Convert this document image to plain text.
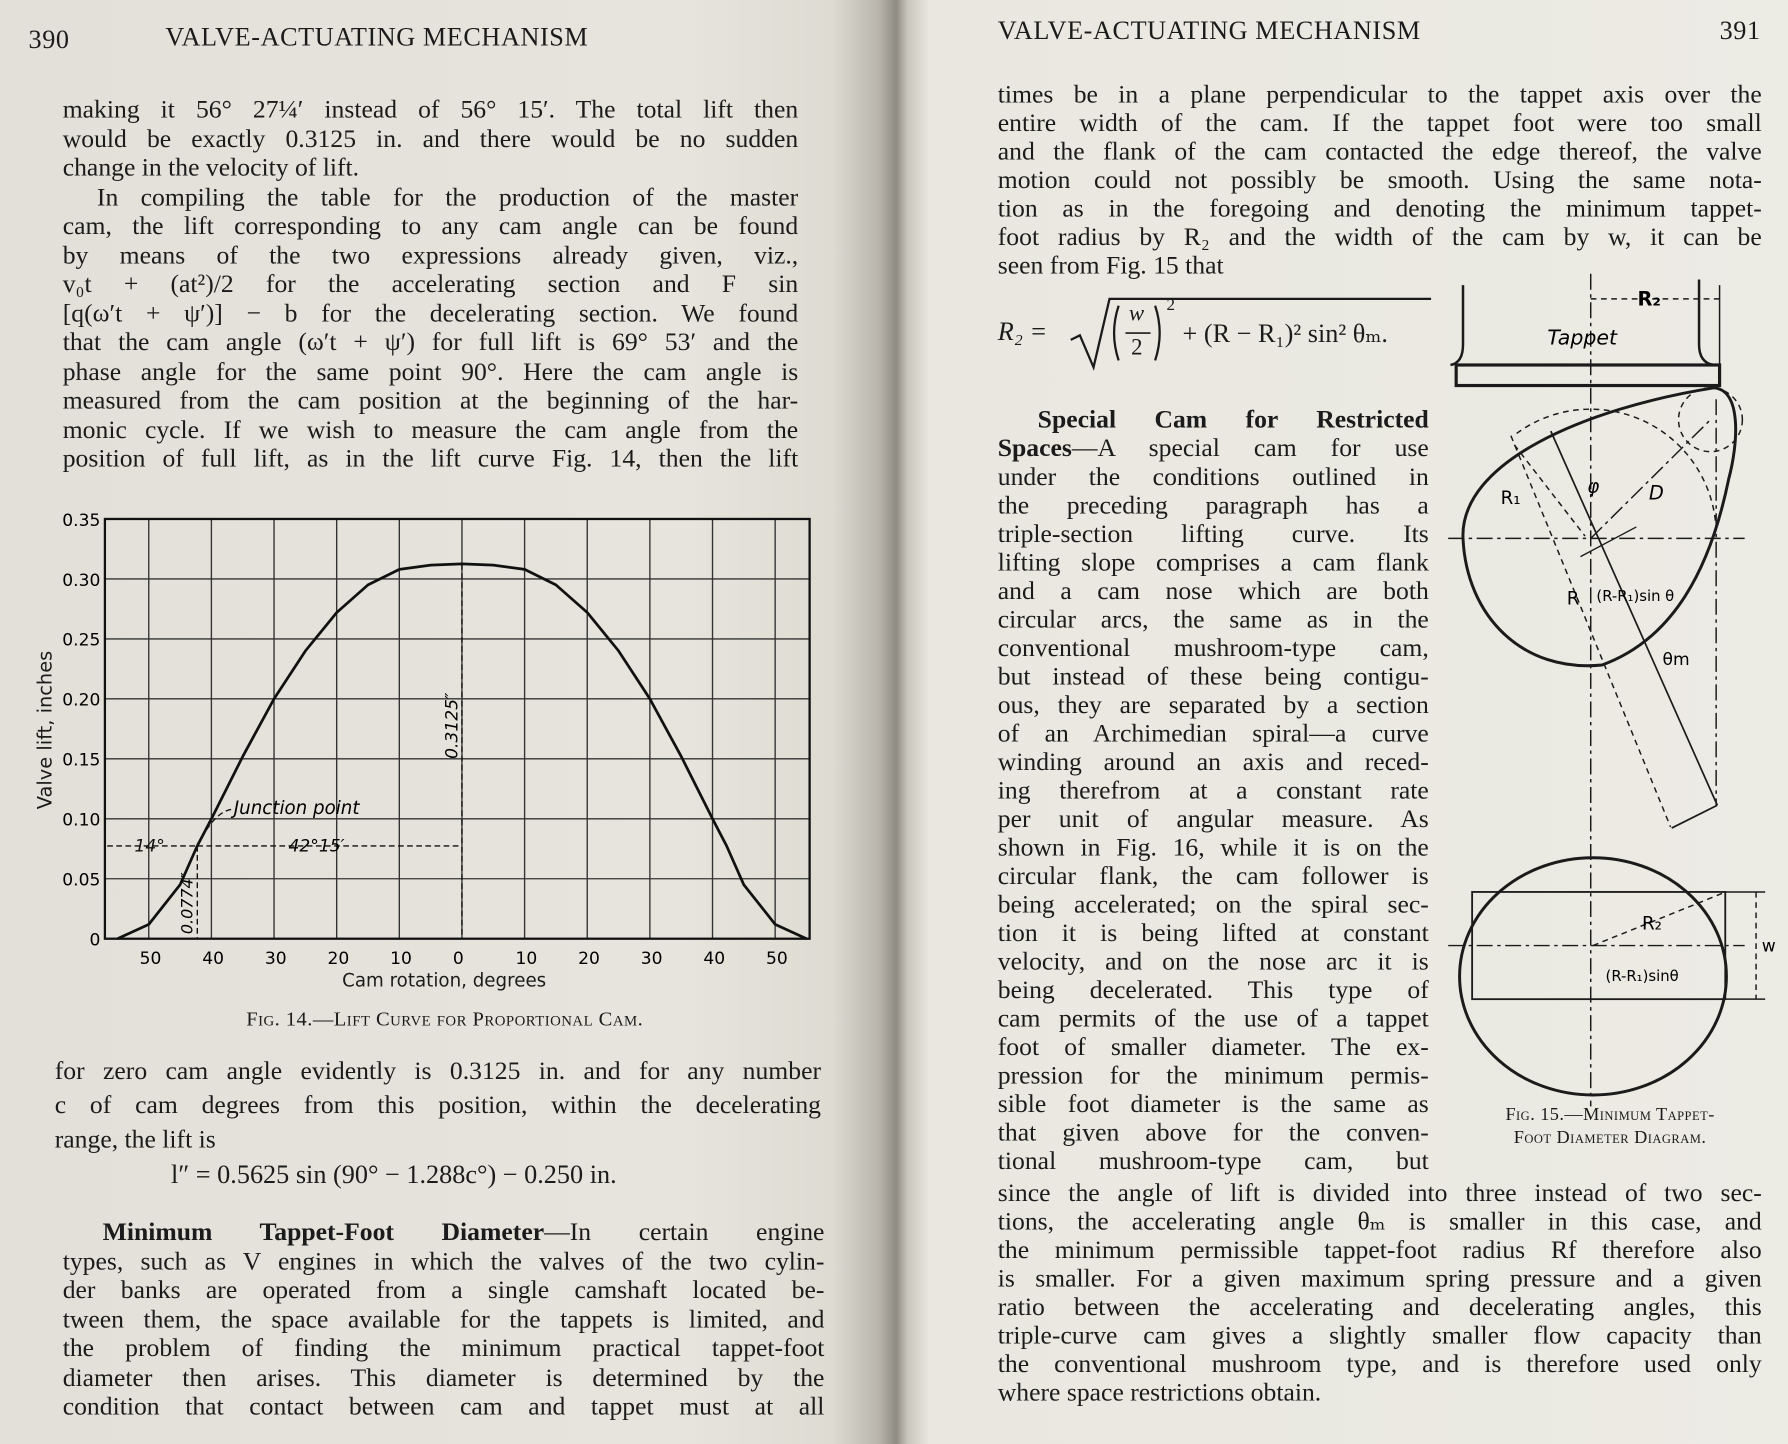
390	VALVE-ACTUATING MECHANISM
making it 56° 27¼′ instead of 56° 15′. The total lift then
would be exactly 0.3125 in. and there would be no sudden
change in the velocity of lift.
In compiling the table for the production of the master
cam, the lift corresponding to any cam angle can be found
by means of the two expressions already given, viz.,
v₀t + (at²)/2 for the accelerating section and F sin
[q(ω′t + ψ′)] − b for the decelerating section. We found
that the cam angle (ω′t + ψ′) for full lift is 69° 53′ and the
phase angle for the same point 90°. Here the cam angle is
measured from the cam position at the beginning of the har-
monic cycle. If we wish to measure the cam angle from the
position of full lift, as in the lift curve Fig. 14, then the lift
50	40	30	20	10	0	10	20	30	40	50
0
0.05
0.10
0.15
0.20
0.25
0.30
0.35
Junction point
14°	42°15′
0.0774″
0.3125″
Cam rotation, degrees
Valve lift, inches
Fig. 14.—Lift Curve for Proportional Cam.
for zero cam angle evidently is 0.3125 in. and for any number
c of cam degrees from this position, within the decelerating
range, the lift is
l″ = 0.5625 sin (90° − 1.288c°) − 0.250 in.
Minimum Tappet-Foot Diameter—In certain engine
types, such as V engines in which the valves of the two cylin-
der banks are operated from a single camshaft located be-
tween them, the space available for the tappets is limited, and
the problem of finding the minimum practical tappet-foot
diameter then arises. This diameter is determined by the
condition that contact between cam and tappet must at all
VALVE-ACTUATING MECHANISM	391
times be in a plane perpendicular to the tappet axis over the
entire width of the cam. If the tappet foot were too small
and the flank of the cam contacted the edge thereof, the valve
motion could not possibly be smooth. Using the same nota-
tion as in the foregoing and denoting the minimum tappet-
foot radius by R₂ and the width of the cam by w, it can be
seen from Fig. 15 that
R₂ =
w
2
2
+ (R − R₁)² sin² θₘ.
Special Cam for Restricted
Spaces—A special cam for use
under the conditions outlined in
the preceding paragraph has a
triple-section lifting curve. Its
lifting slope comprises a cam flank
and a cam nose which are both
circular arcs, the same as in the
conventional mushroom-type cam,
but instead of these being contigu-
ous, they are separated by a section
of an Archimedian spiral—a curve
winding around an axis and reced-
ing therefrom at a constant rate
per unit of angular measure. As
shown in Fig. 16, while it is on the
circular flank, the cam follower is
being accelerated; on the spiral sec-
tion it is being lifted at constant
velocity, and on the nose arc it is
being decelerated. This type of
cam permits of the use of a tappet
foot of smaller diameter. The ex-
pression for the minimum permis-
sible foot diameter is the same as
that given above for the conven-
tional mushroom-type cam, but
since the angle of lift is divided into three instead of two sec-
tions, the accelerating angle θₘ is smaller in this case, and
the minimum permissible tappet-foot radius Rf therefore also
is smaller. For a given maximum spring pressure and a given
ratio between the accelerating and decelerating angles, this
triple-curve cam gives a slightly smaller flow capacity than
the conventional mushroom type, and is therefore used only
where space restrictions obtain.
R₂
Tappet
R₁
φ	D
R (R-R₁)sin θ
θm
R₂
(R-R₁)sinθ
w
Fig. 15.—Minimum Tappet-
Foot Diameter Diagram.
